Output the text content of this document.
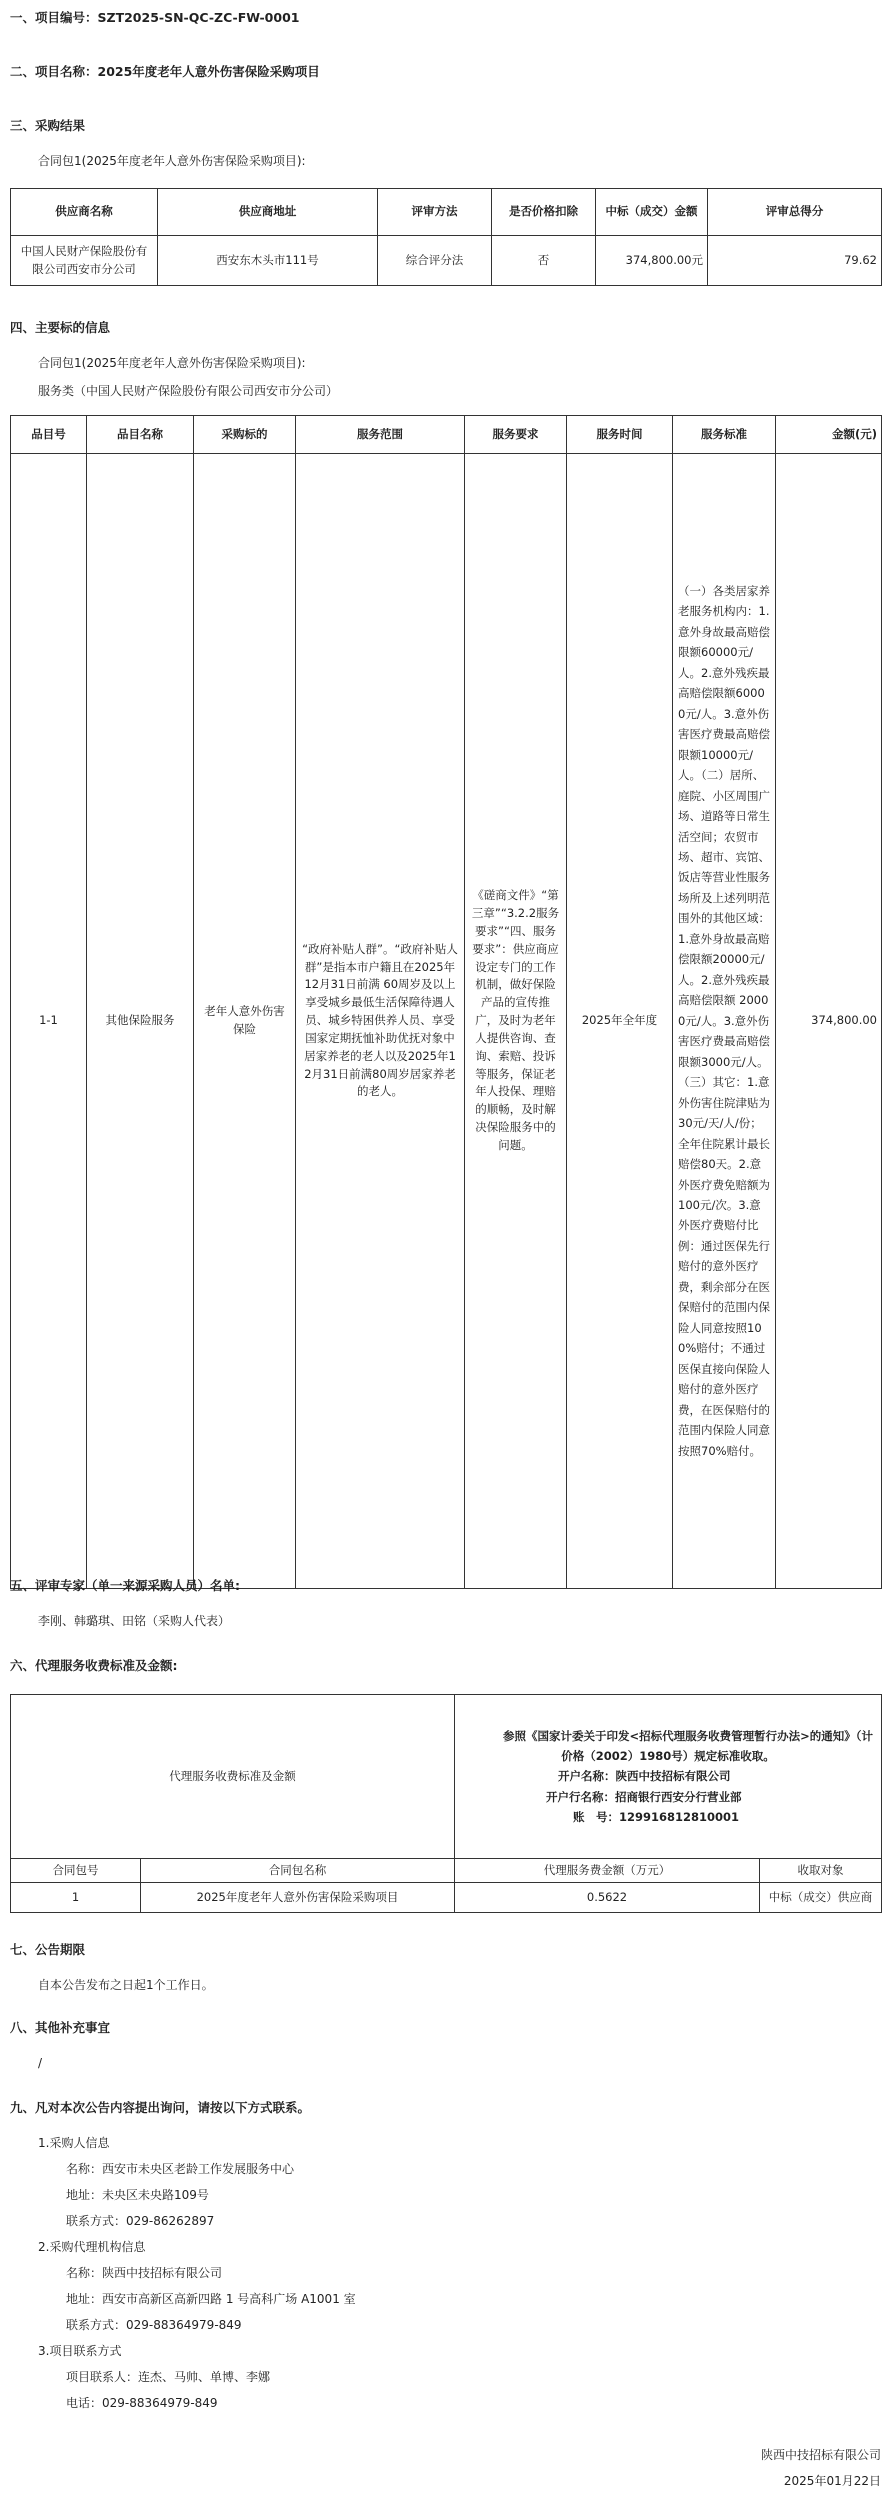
一、项目编号：SZT2025-SN-QC-ZC-FW-0001
二、项目名称：2025年度老年人意外伤害保险采购项目
三、采购结果
合同包1(2025年度老年人意外伤害保险采购项目):
供应商名称	供应商地址	评审方法	是否价格扣除	中标（成交）金额	评审总得分
中国人民财产保险股份有限公司西安市分公司	西安东木头市111号	综合评分法	否	374,800.00元	79.62
四、主要标的信息
合同包1(2025年度老年人意外伤害保险采购项目):
服务类（中国人民财产保险股份有限公司西安市分公司）
品目号	品目名称	采购标的	服务范围	服务要求	服务时间	服务标准	金额(元)
1-1	其他保险服务	老年人意外伤害保险	“政府补贴人群”。“政府补贴人群”是指本市户籍且在2025年12月31日前满 60周岁及以上享受城乡最低生活保障待遇人员、城乡特困供养人员、享受国家定期抚恤补助优抚对象中居家养老的老人以及2025年12月31日前满80周岁居家养老的老人。	《磋商文件》“第三章”“3.2.2服务要求”“四、服务要求”：供应商应设定专门的工作机制，做好保险产品的宣传推广，及时为老年人提供咨询、查询、索赔、投诉等服务，保证老年人投保、理赔的顺畅，及时解决保险服务中的问题。	2025年全年度	（一）各类居家养老服务机构内：1.意外身故最高赔偿限额60000元/人。2.意外残疾最高赔偿限额60000元/人。3.意外伤害医疗费最高赔偿限额10000元/人。（二）居所、庭院、小区周围广场、道路等日常生活空间；农贸市场、超市、宾馆、饭店等营业性服务场所及上述列明范围外的其他区域：1.意外身故最高赔偿限额20000元/人。2.意外残疾最高赔偿限额 20000元/人。3.意外伤害医疗费最高赔偿限额3000元/人。（三）其它：1.意外伤害住院津贴为30元/天/人/份；全年住院累计最长赔偿80天。2.意外医疗费免赔额为100元/次。3.意外医疗费赔付比例：通过医保先行赔付的意外医疗费，剩余部分在医保赔付的范围内保险人同意按照100%赔付；不通过医保直接向保险人赔付的意外医疗费，在医保赔付的范围内保险人同意按照70%赔付。	374,800.00
五、评审专家（单一来源采购人员）名单:
李刚、韩璐琪、田铭（采购人代表）
六、代理服务收费标准及金额:
代理服务收费标准及金额		参照《国家计委关于印发<招标代理服务收费管理暂行办法>的通知》（计
价格（2002）1980号）规定标准收取。
开户名称：陕西中技招标有限公司
开户行名称：招商银行西安分行营业部
账　号：129916812810001	

合同包号	合同包名称	代理服务费金额（万元）	收取对象
1	2025年度老年人意外伤害保险采购项目	0.5622	中标（成交）供应商
七、公告期限
自本公告发布之日起1个工作日。
八、其他补充事宜
/
九、凡对本次公告内容提出询问，请按以下方式联系。
1.采购人信息
名称：西安市未央区老龄工作发展服务中心
地址：未央区未央路109号
联系方式：029-86262897
2.采购代理机构信息
名称：陕西中技招标有限公司
地址：西安市高新区高新四路 1 号高科广场 A1001 室
联系方式：029-88364979-849
3.项目联系方式
项目联系人：连杰、马帅、单博、李娜
电话：029-88364979-849
陕西中技招标有限公司
2025年01月22日
